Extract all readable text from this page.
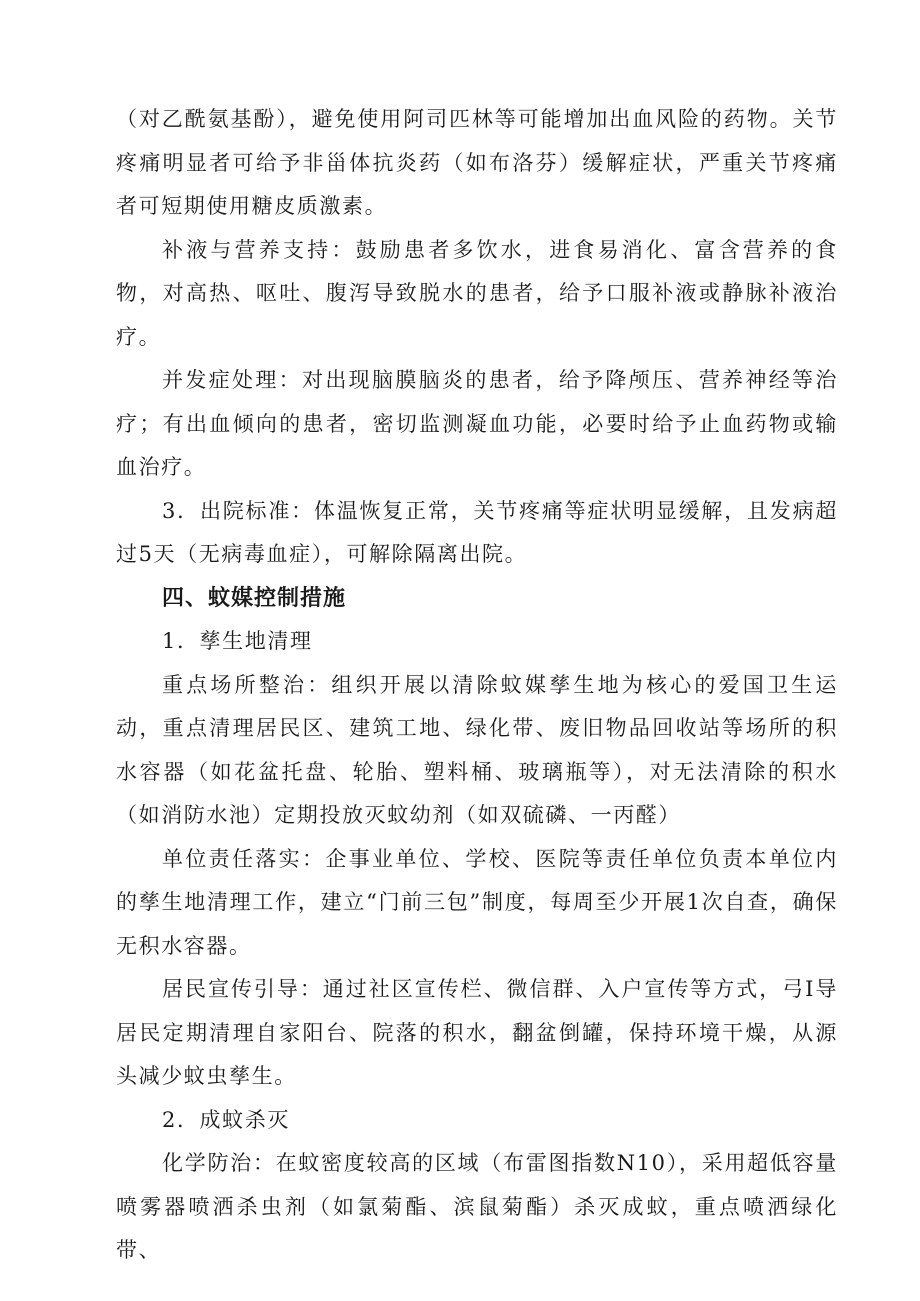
（对乙酰氨基酚），避免使用阿司匹林等可能增加出血风险的药物。关节疼痛明显者可给予非甾体抗炎药（如布洛芬）缓解症状，严重关节疼痛者可短期使用糖皮质激素。

补液与营养支持：鼓励患者多饮水，进食易消化、富含营养的食物，对高热、呕吐、腹泻导致脱水的患者，给予口服补液或静脉补液治疗。

并发症处理：对出现脑膜脑炎的患者，给予降颅压、营养神经等治疗；有出血倾向的患者，密切监测凝血功能，必要时给予止血药物或输血治疗。

3．出院标准：体温恢复正常，关节疼痛等症状明显缓解，且发病超过5天（无病毒血症），可解除隔离出院。

四、蚊媒控制措施

1．孳生地清理

重点场所整治：组织开展以清除蚊媒孳生地为核心的爱国卫生运动，重点清理居民区、建筑工地、绿化带、废旧物品回收站等场所的积水容器（如花盆托盘、轮胎、塑料桶、玻璃瓶等），对无法清除的积水（如消防水池）定期投放灭蚊幼剂（如双硫磷、一丙醛）

单位责任落实：企事业单位、学校、医院等责任单位负责本单位内的孳生地清理工作，建立“门前三包”制度，每周至少开展1次自查，确保无积水容器。

居民宣传引导：通过社区宣传栏、微信群、入户宣传等方式，弓I导居民定期清理自家阳台、院落的积水，翻盆倒罐，保持环境干燥，从源头减少蚊虫孳生。

2．成蚊杀灭

化学防治：在蚊密度较高的区域（布雷图指数N10），采用超低容量喷雾器喷洒杀虫剂（如氯菊酯、滨鼠菊酯）杀灭成蚊，重点喷洒绿化带、
